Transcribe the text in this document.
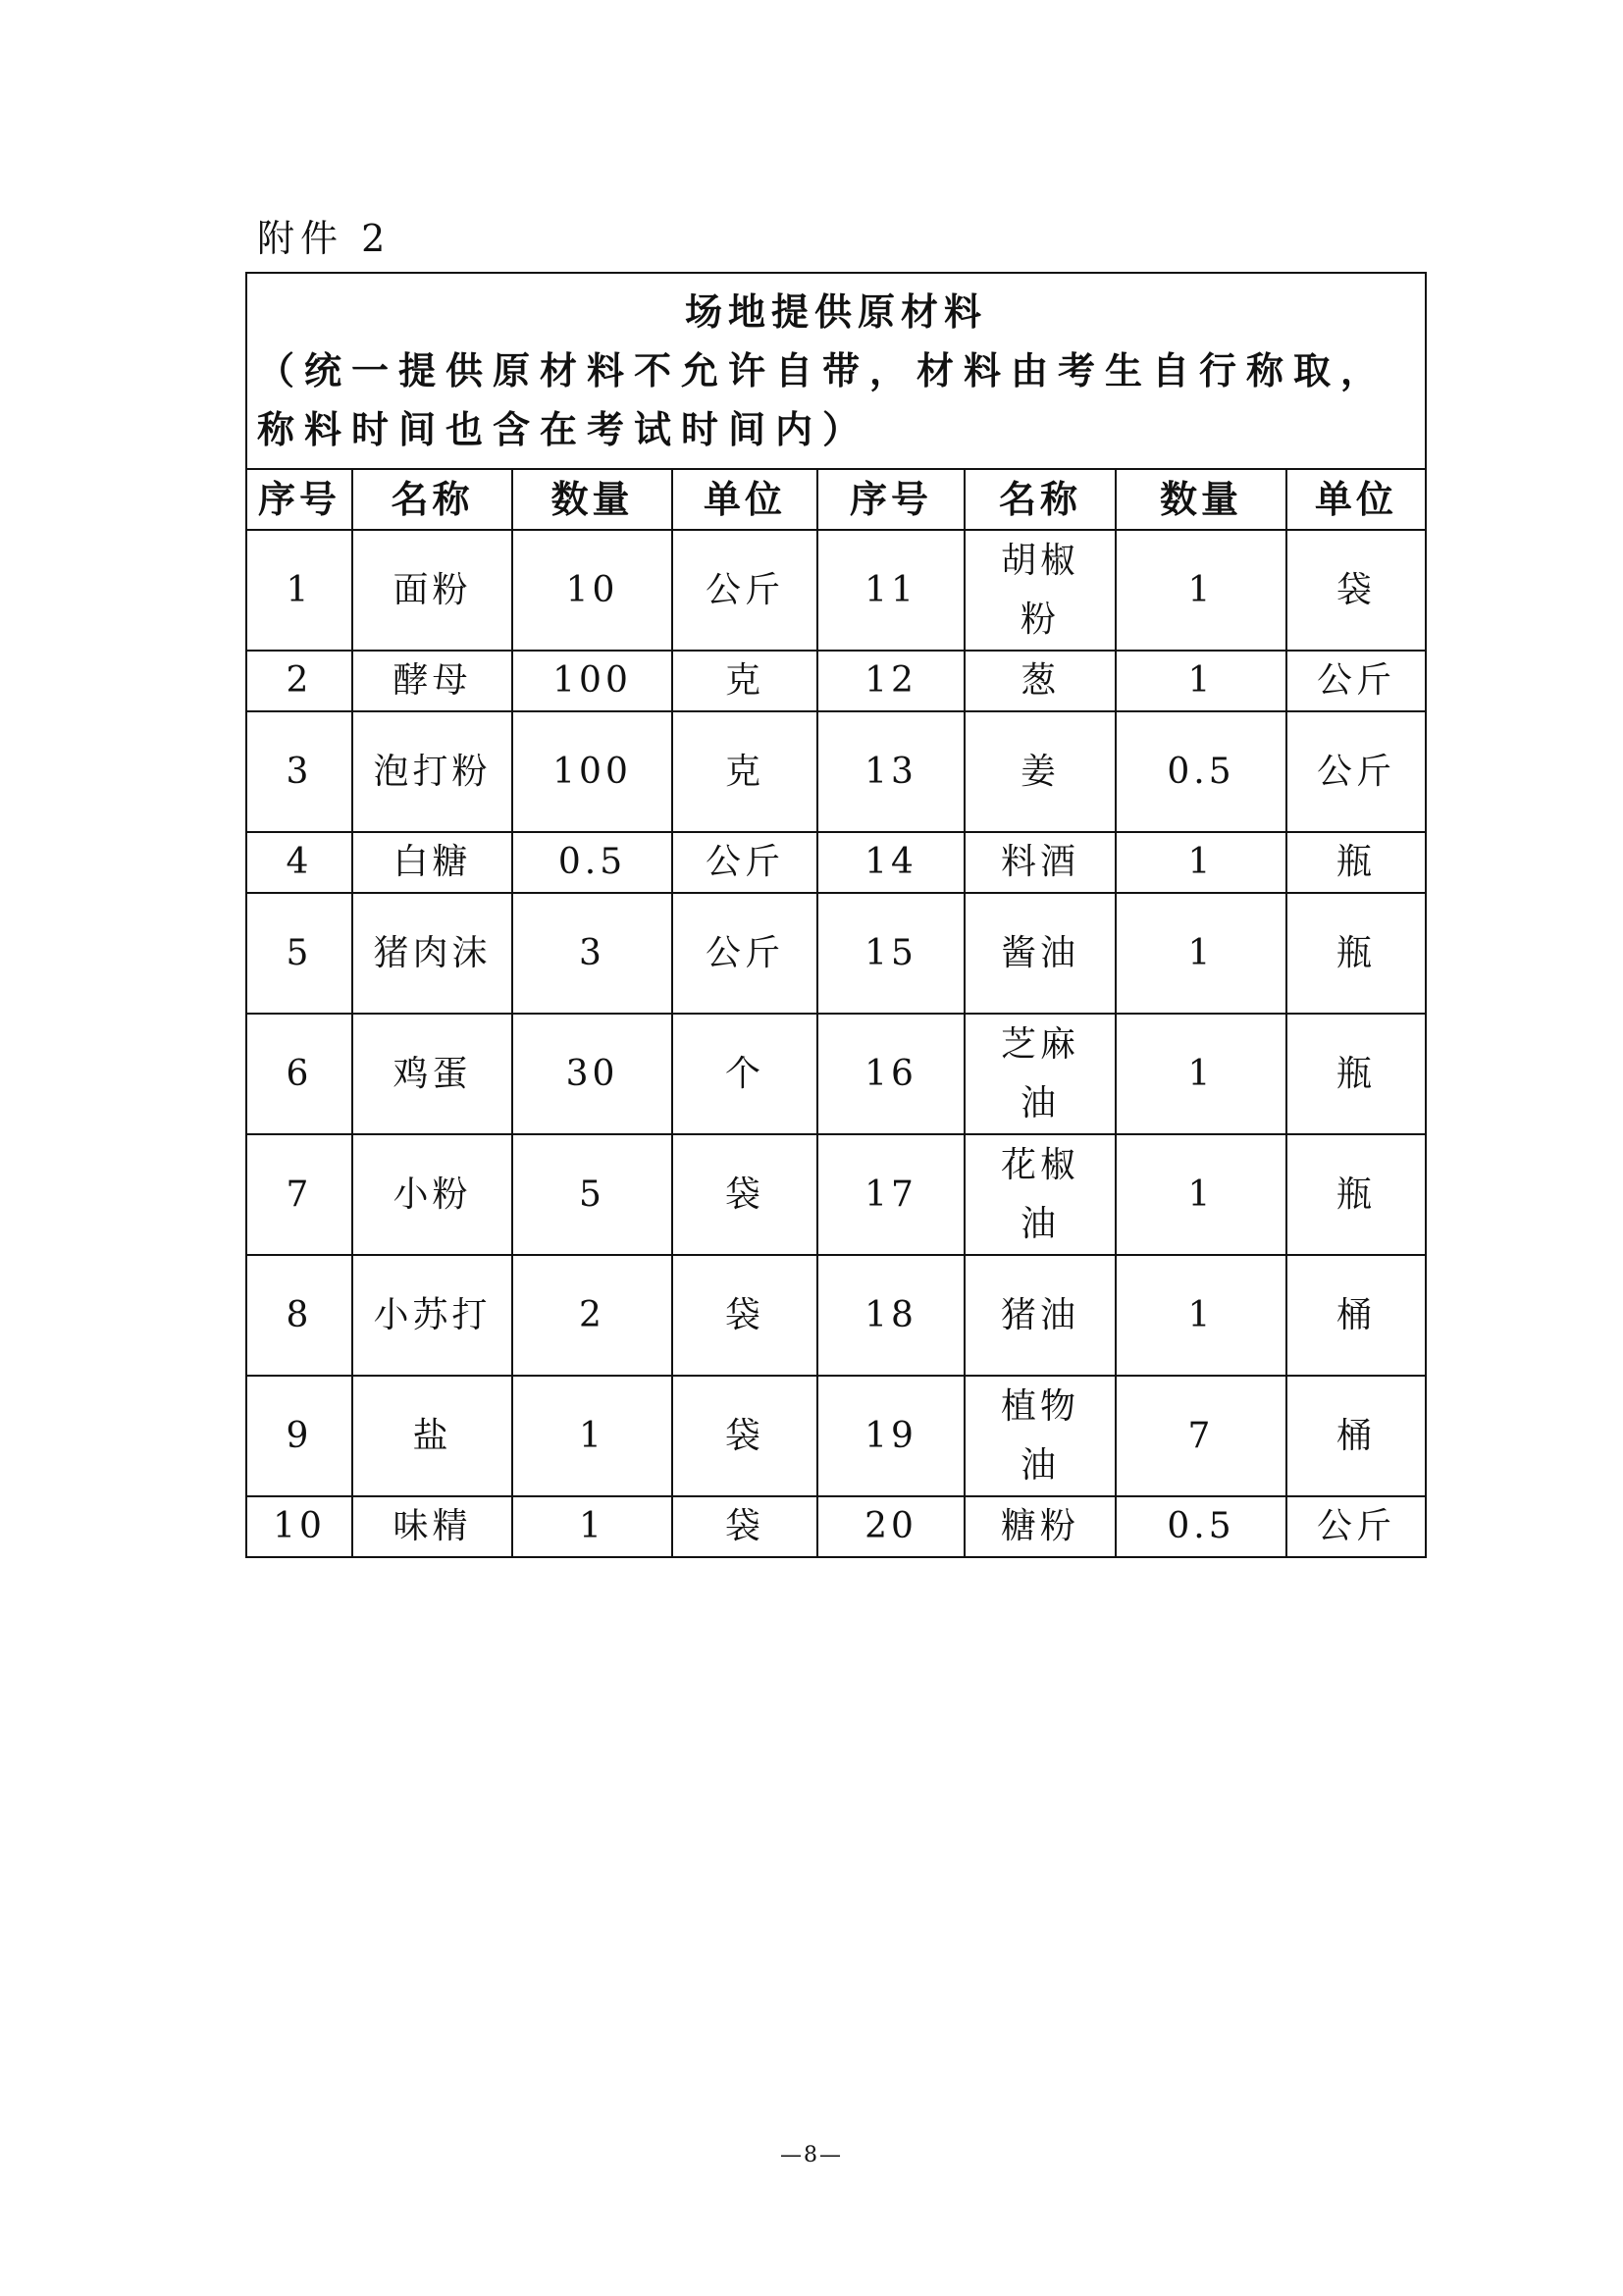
附件 2
场地提供原材料
（统一提供原材料不允许自带，材料由考生自行称取，称料时间也含在考试时间内）							

序号	名称	数量	单位	序号	名称	数量	单位
1	面粉	10	公斤	11	胡椒粉	1	袋
2	酵母	100	克	12	葱	1	公斤
3	泡打粉	100	克	13	姜	0.5	公斤
4	白糖	0.5	公斤	14	料酒	1	瓶
5	猪肉沫	3	公斤	15	酱油	1	瓶
6	鸡蛋	30	个	16	芝麻油	1	瓶
7	小粉	5	袋	17	花椒油	1	瓶
8	小苏打	2	袋	18	猪油	1	桶
9	盐	1	袋	19	植物油	7	桶
10	味精	1	袋	20	糖粉	0.5	公斤
—8—
